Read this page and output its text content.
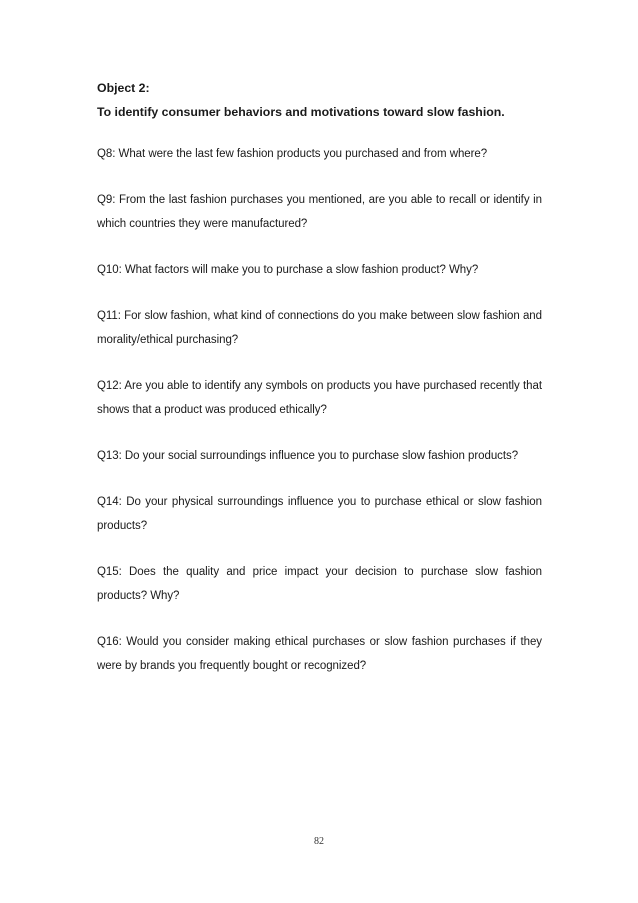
Object 2:

To identify consumer behaviors and motivations toward slow fashion.

Q8: What were the last few fashion products you purchased and from where?
Q9: From the last fashion purchases you mentioned, are you able to recall or identify in which countries they were manufactured?
Q10: What factors will make you to purchase a slow fashion product? Why?
Q11: For slow fashion, what kind of connections do you make between slow fashion and morality/ethical purchasing?
Q12: Are you able to identify any symbols on products you have purchased recently that shows that a product was produced ethically?
Q13: Do your social surroundings influence you to purchase slow fashion products?
Q14: Do your physical surroundings influence you to purchase ethical or slow fashion products?
Q15: Does the quality and price impact your decision to purchase slow fashion products? Why?
Q16: Would you consider making ethical purchases or slow fashion purchases if they were by brands you frequently bought or recognized?
82
